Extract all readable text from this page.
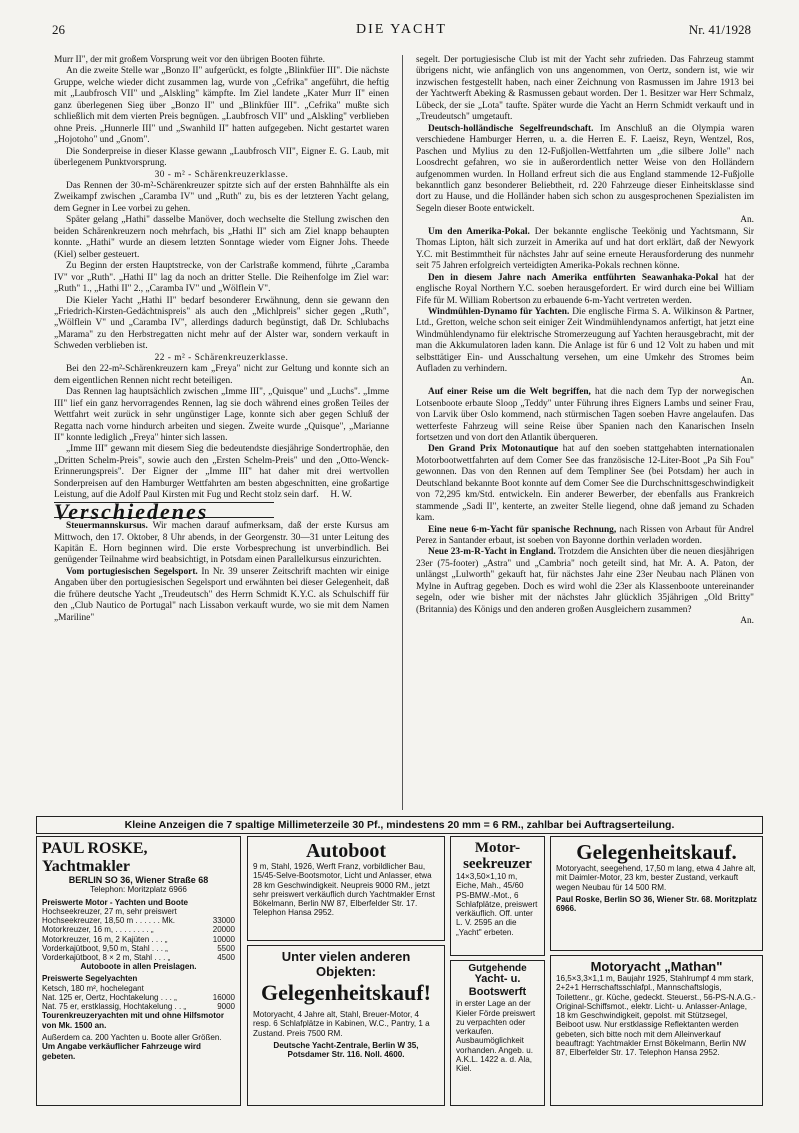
26	DIE YACHT	Nr. 41/1928

Murr II", der mit großem Vorsprung weit vor den übrigen Booten führte.

An die zweite Stelle war „Bonzo II" aufgerückt, es folgte „Blinkfüer III". Die nächste Gruppe, welche wieder dicht zusammen lag, wurde von „Cefrika" angeführt, die heftig mit „Laubfrosch VII" und „Alskling" kämpfte. Im Ziel landete „Kater Murr II" einen ganz überlegenen Sieg über „Bonzo II" und „Blinkfüer III". „Cefrika" mußte sich schließlich mit dem vierten Preis begnügen. „Laubfrosch VII" und „Alskling" verblieben ohne Preis. „Hunnerle III" und „Swanhild II" hatten aufgegeben. Nicht gestartet waren „Hojotoho" und „Gnom".

Die Sonderpreise in dieser Klasse gewann „Laubfrosch VII", Eigner E. G. Laub, mit überlegenem Punktvorsprung.

30 - m² - Schärenkreuzerklasse.

Das Rennen der 30-m²-Schärenkreuzer spitzte sich auf der ersten Bahnhälfte als ein Zweikampf zwischen „Caramba IV" und „Ruth" zu, bis es der letzteren Yacht gelang, dem Gegner in Lee vorbei zu gehen.

Später gelang „Hathi" dasselbe Manöver, doch wechselte die Stellung zwischen den beiden Schärenkreuzern noch mehrfach, bis „Hathi II" sich am Ziel knapp behaupten konnte. „Hathi" wurde an diesem letzten Sonntage wieder vom Eigner Johs. Theede (Kiel) selber gesteuert.

Zu Beginn der ersten Hauptstrecke, von der Carlstraße kommend, führte „Caramba IV" vor „Ruth". „Hathi II" lag da noch an dritter Stelle. Die Reihenfolge im Ziel war: „Ruth" 1., „Hathi II" 2., „Caramba IV" und „Wölflein V".

Die Kieler Yacht „Hathi II" bedarf besonderer Erwähnung, denn sie gewann den „Friedrich-Kirsten-Gedächtnispreis" als auch den „Michlpreis" sicher gegen „Ruth", „Wölflein V" und „Caramba IV", allerdings dadurch begünstigt, daß Dr. Schlubachs „Marama" zu den Herbstregatten nicht mehr auf der Alster war, sondern verkauft in Schweden verblieben ist.

22 - m² - Schärenkreuzerklasse.

Bei den 22-m²-Schärenkreuzern kam „Freya" nicht zur Geltung und konnte sich an dem eigentlichen Rennen nicht recht beteiligen.

Das Rennen lag hauptsächlich zwischen „Imme III", „Quisque" und „Luchs". „Imme III" lief ein ganz hervorragendes Rennen, lag sie doch während eines großen Teiles der Wettfahrt weit zurück in sehr ungünstiger Lage, konnte sich aber gegen Schluß der Regatta nach vorne hindurch arbeiten und siegen. Zweite wurde „Quisque", „Marianne II" konnte lediglich „Freya" hinter sich lassen.

„Imme III" gewann mit diesem Sieg die bedeutendste diesjährige Sondertrophäe, den „Dritten Schelm-Preis", sowie auch den „Ersten Schelm-Preis" und den „Otto-Wenck-Erinnerungspreis". Der Eigner der „Imme III" hat daher mit drei wertvollen Sonderpreisen auf den Hamburger Wettfahrten am besten abgeschnitten, eine großartige Leistung, auf die Adolf Paul Kirsten mit Fug und Recht stolz sein darf. H. W.

Verschiedenes

Steuermannskursus. Wir machen darauf aufmerksam, daß der erste Kursus am Mittwoch, den 17. Oktober, 8 Uhr abends, in der Georgenstr. 30—31 unter Leitung des Kapitän E. Horn beginnen wird. Die erste Vorbesprechung ist unverbindlich. Bei genügender Teilnahme wird beabsichtigt, in Potsdam einen Parallelkursus einzurichten.

Vom portugiesischen Segelsport. In Nr. 39 unserer Zeitschrift machten wir einige Angaben über den portugiesischen Segelsport und erwähnten bei dieser Gelegenheit, daß die frühere deutsche Yacht „Treudeutsch" des Herrn Schmidt K.Y.C. als Schulschiff für den „Club Nautico de Portugal" nach Lissabon verkauft wurde, wo sie mit dem Namen „Mariline"

segelt. Der portugiesische Club ist mit der Yacht sehr zufrieden. Das Fahrzeug stammt übrigens nicht, wie anfänglich von uns angenommen, von Oertz, sondern ist, wie wir inzwischen festgestellt haben, nach einer Zeichnung von Rasmussen im Jahre 1913 bei der Yachtwerft Abeking & Rasmussen gebaut worden. Der 1. Besitzer war Herr Schmalz, Lübeck, der sie „Lota" taufte. Später wurde die Yacht an Herrn Schmidt verkauft und in „Treudeutsch" umgetauft.

Deutsch-holländische Segelfreundschaft. Im Anschluß an die Olympia waren verschiedene Hamburger Herren, u. a. die Herren E. F. Laeisz, Reyn, Wentzel, Ros, Paschen und Mylius zu den 12-Fußjollen-Wettfahrten um „die silbere Jolle" nach Loosdrecht gefahren, wo sie in außerordentlich netter Weise von den Holländern aufgenommen wurden. In Holland erfreut sich die aus England stammende 12-Fußjolle bekanntlich ganz besonderer Beliebtheit, rd. 220 Fahrzeuge dieser Einheitsklasse sind dort zu Hause, und die Holländer haben sich schon zu ausgesprochenen Spezialisten im Segeln dieser Boote entwickelt.

An.

Um den Amerika-Pokal. Der bekannte englische Teekönig und Yachtsmann, Sir Thomas Lipton, hält sich zurzeit in Amerika auf und hat dort erklärt, daß der Newyork Y.C. mit Bestimmtheit für nächstes Jahr auf seine erneute Herausforderung des nunmehr seit 75 Jahren erfolgreich verteidigten Amerika-Pokals rechnen könne.

Den in diesem Jahre nach Amerika entführten Seawanhaka-Pokal hat der englische Royal Northern Y.C. soeben herausgefordert. Er wird durch eine bei William Fife für M. William Robertson zu erbauende 6-m-Yacht vertreten werden.

Windmühlen-Dynamo für Yachten. Die englische Firma S. A. Wilkinson & Partner, Ltd., Gretton, welche schon seit einiger Zeit Windmühlendynamos anfertigt, hat jetzt eine Windmühlendynamo für elektrische Stromerzeugung auf Yachten herausgebracht, mit der man die Akkumulatoren laden kann. Die Anlage ist für 6 und 12 Volt zu haben und mit selbsttätiger Ein- und Ausschaltung versehen, um eine Umkehr des Stromes beim Aufladen zu verhindern.

An.

Auf einer Reise um die Welt begriffen, hat die nach dem Typ der norwegischen Lotsenboote erbaute Sloop „Teddy" unter Führung ihres Eigners Lambs und seiner Frau, von Larvik über Oslo kommend, nach stürmischen Tagen soeben Havre angelaufen. Das wetterfeste Fahrzeug will seine Reise über Spanien nach den Kanarischen Inseln fortsetzen und von dort den Atlantik überqueren.

Den Grand Prix Motonautique hat auf den soeben stattgehabten internationalen Motorbootwettfahrten auf dem Comer See das französische 12-Liter-Boot „Pa Sih Fou" gewonnen. Das von den Rennen auf dem Templiner See (bei Potsdam) her auch in Deutschland bekannte Boot konnte auf dem Comer See die Durchschnittsgeschwindigkeit von 72,295 km/Std. entwickeln. Ein anderer Bewerber, der ebenfalls aus Frankreich stammende „Sadi II", kenterte, an zweiter Stelle liegend, ohne daß jemand zu Schaden kam.

Eine neue 6-m-Yacht für spanische Rechnung, nach Rissen von Arbaut für Andrel Perez in Santander erbaut, ist soeben von Bayonne dorthin verladen worden.

Neue 23-m-R-Yacht in England. Trotzdem die Ansichten über die neuen diesjährigen 23er (75-footer) „Astra" und „Cambria" noch geteilt sind, hat Mr. A. A. Paton, der unlängst „Lulworth" gekauft hat, für nächstes Jahr eine 23er Neubau nach Plänen von Mylne in Auftrag gegeben. Doch es wird wohl die 23er als Klassenboote untereinander segeln, oder wie bisher mit der nächstes Jahr glücklich 35jährigen „Old Britty" (Britannia) des Königs und den anderen großen Ausgleichern zusammen?

An.

Kleine Anzeigen die 7 spaltige Millimeterzeile 30 Pf., mindestens 20 mm = 6 RM., zahlbar bei Auftragserteilung.
PAUL ROSKE, Yachtmakler
BERLIN SO 36, Wiener Straße 68
Telephon: Moritzplatz 6966
Preiswerte Motor - Yachten und Boote
Hochseekreuzer, 27 m, sehr preiswert	
Hochseekreuzer, 18,50 m . . . . . . Mk.	33000
Motorkreuzer, 16 m, . . . . . . . . „	20000
Motorkreuzer, 16 m, 2 Kajüten . . . „	10000
Vorderkajütboot, 9,50 m, Stahl . . . „	5500
Vorderkajütboot, 8 × 2 m, Stahl . . . „	4500
Autoboote in allen Preislagen.
Preiswerte Segelyachten
Ketsch, 180 m², hochelegant	
Nat. 125 er, Oertz, Hochtakelung . . . „	16000
Nat. 75 er, erstklassig, Hochtakelung . . „	9000
Tourenkreuzeryachten mit und ohne Hilfsmotor von Mk. 1500 an.
Außerdem ca. 200 Yachten u. Boote aller Größen.
Um Angabe verkäuflicher Fahrzeuge wird gebeten.
Autoboot

9 m, Stahl, 1926, Werft Franz, vorbildlicher Bau, 15/45-Selve-Bootsmotor, Licht und Anlasser, etwa 28 km Geschwindigkeit. Neupreis 9000 RM., jetzt sehr preiswert verkäuflich durch Yachtmakler Ernst Bökelmann, Berlin NW 87, Elberfelder Str. 17. Telephon Hansa 2952.

Unter vielen anderen Objekten:
Gelegenheitskauf!

Motoryacht, 4 Jahre alt, Stahl, Breuer-Motor, 4 resp. 6 Schlafplätze in Kabinen, W.C., Pantry, 1 a Zustand. Preis 7500 RM.

Deutsche Yacht-Zentrale, Berlin W 35, Potsdamer Str. 116. Noll. 4600.

Motor-seekreuzer

14×3,50×1,10 m, Eiche, Mah., 45/60 PS-BMW.-Mot., 6 Schlafplätze, preiswert verkäuflich. Off. unter L. V. 2595 an die „Yacht" erbeten.

Gutgehende
Yacht- u. Bootswerft

in erster Lage an der Kieler Förde preiswert zu verpachten oder verkaufen. Ausbaumöglichkeit vorhanden. Angeb. u. A.K.L. 1422 a. d. Ala, Kiel.

Gelegenheitskauf.

Motoryacht, seegehend, 17,50 m lang, etwa 4 Jahre alt, mit Daimler-Motor, 23 km, bester Zustand, verkauft wegen Neubau für 14 500 RM.

Paul Roske, Berlin SO 36, Wiener Str. 68. Moritzplatz 6966.

Motoryacht „Mathan"

16,5×3,3×1,1 m, Baujahr 1925, Stahlrumpf 4 mm stark, 2+2+1 Herrschaftsschlafpl., Mannschaftslogis, Toilettenr., gr. Küche, gedeckt. Steuerst., 56-PS-N.A.G.-Original-Schiffsmot., elektr. Licht- u. Anlasser-Anlage, 18 km Geschwindigkeit, gepolst. mit Stützsegel, Beiboot usw. Nur erstklassige Reflektanten werden gebeten, sich bitte noch mit dem Alleinverkauf beauftragt: Yachtmakler Ernst Bökelmann, Berlin NW 87, Elberfelder Str. 17. Telephon Hansa 2952.
